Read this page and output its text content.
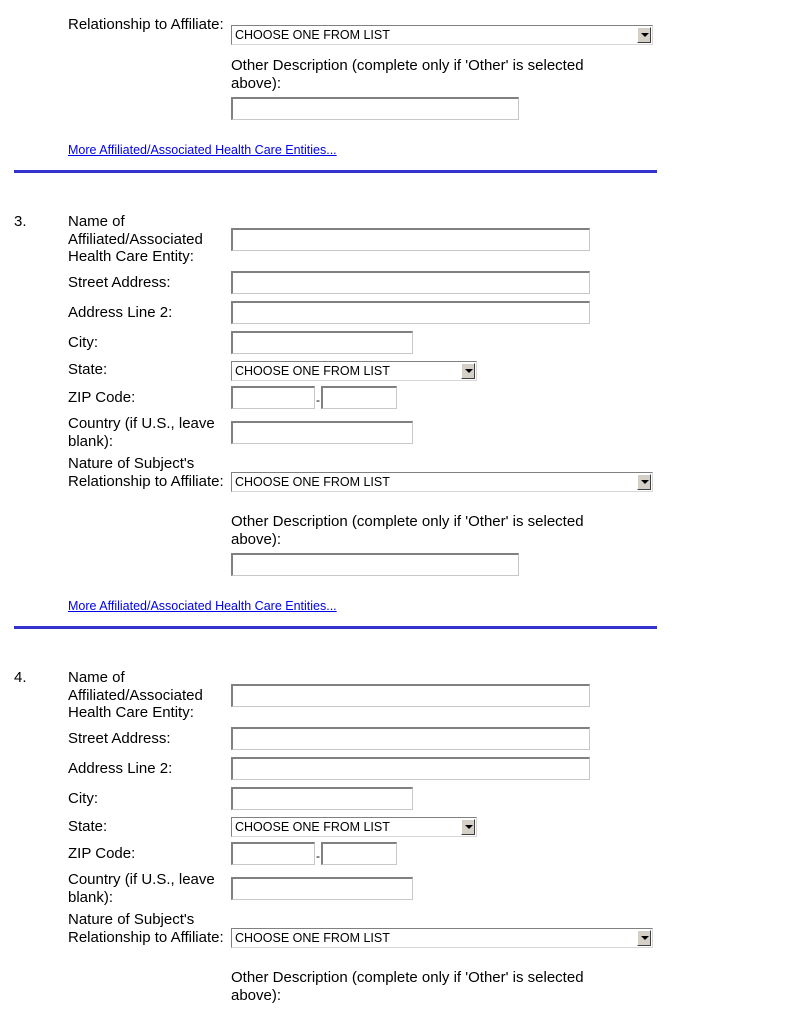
Relationship to Affiliate:
CHOOSE ONE FROM LIST
Other Description (complete only if 'Other' is selected above):
More Affiliated/Associated Health Care Entities...
3.	Name of Affiliated/Associated Health Care Entity:
Street Address:
Address Line 2:
City:
State:	CHOOSE ONE FROM LIST
ZIP Code:	-
Country (if U.S., leave blank):
Nature of Subject's Relationship to Affiliate: CHOOSE ONE FROM LIST
Other Description (complete only if 'Other' is selected above):
More Affiliated/Associated Health Care Entities...
4.	Name of Affiliated/Associated Health Care Entity:
Street Address:
Address Line 2:
City:
State:	CHOOSE ONE FROM LIST
ZIP Code:	-
Country (if U.S., leave blank):
Nature of Subject's Relationship to Affiliate: CHOOSE ONE FROM LIST
Other Description (complete only if 'Other' is selected above):
